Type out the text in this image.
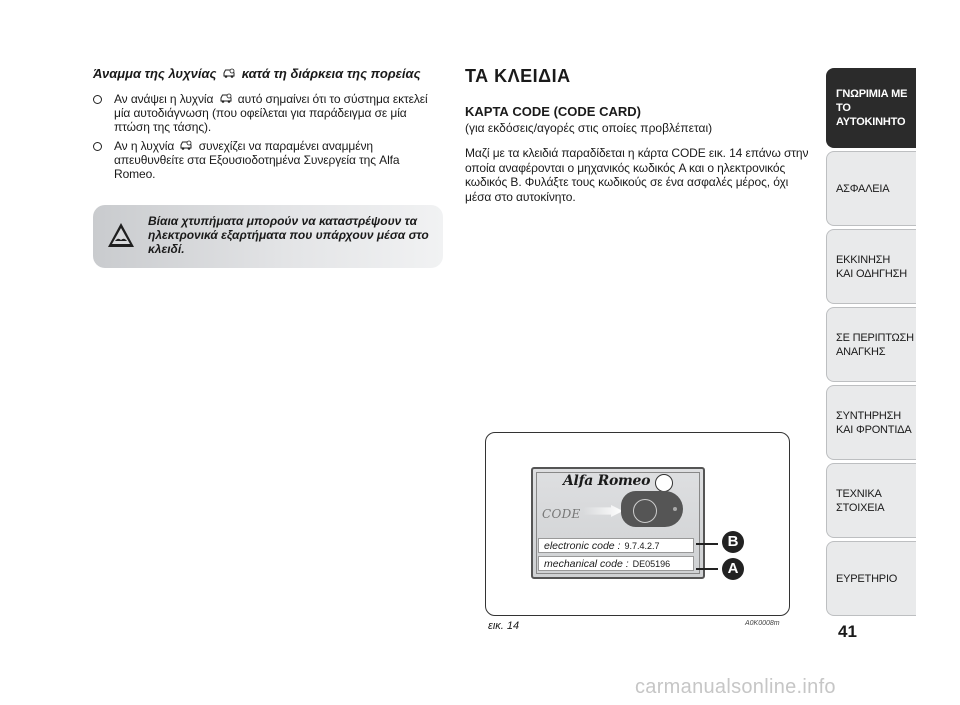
Άναμμα της λυχνίας κατά τη διάρκεια της πορείας
Αν ανάψει η λυχνία αυτό σημαίνει ότι το σύστημα εκτελεί μία αυτοδιάγνωση (που οφείλεται για παράδειγμα σε μία πτώση της τάσης).
Αν η λυχνία συνεχίζει να παραμένει αναμμένη απευθυνθείτε στα Εξουσιοδοτημένα Συνεργεία της Alfa Romeo.
Βίαια χτυπήματα μπορούν να καταστρέψουν τα ηλεκτρονικά εξαρτήματα που υπάρχουν μέσα στο κλειδί.
ΤΑ ΚΛΕΙΔΙΑ
ΚΑΡΤΑ CODE (CODE CARD)
(για εκδόσεις/αγορές στις οποίες προβλέπεται)
Μαζί με τα κλειδιά παραδίδεται η κάρτα CODE εικ. 14 επάνω στην οποία αναφέρονται ο μηχανικός κωδικός A και ο ηλεκτρονικός κωδικός B. Φυλάξτε τους κωδικούς σε ένα ασφαλές μέρος, όχι μέσα στο αυτοκίνητο.
Alfa Romeo
CODE
electronic code : 9.7.4.2.7
mechanical code : DE05196
B
A
εικ. 14	A0K0008m
ΓΝΩΡΙΜΙΑ ΜΕ ΤΟ
ΑΥΤΟΚΙΝΗΤΟ
ΑΣΦΑΛΕΙΑ
ΕΚΚΙΝΗΣΗ
ΚΑΙ ΟΔΗΓΗΣΗ
ΣΕ ΠΕΡΙΠΤΩΣΗ
ΑΝΑΓΚΗΣ
ΣΥΝΤΗΡΗΣΗ
ΚΑΙ ΦΡΟΝΤΙΔΑ
ΤΕΧΝΙΚΑ
ΣΤΟΙΧΕΙΑ
ΕΥΡΕΤΗΡΙΟ
41
carmanualsonline.info
